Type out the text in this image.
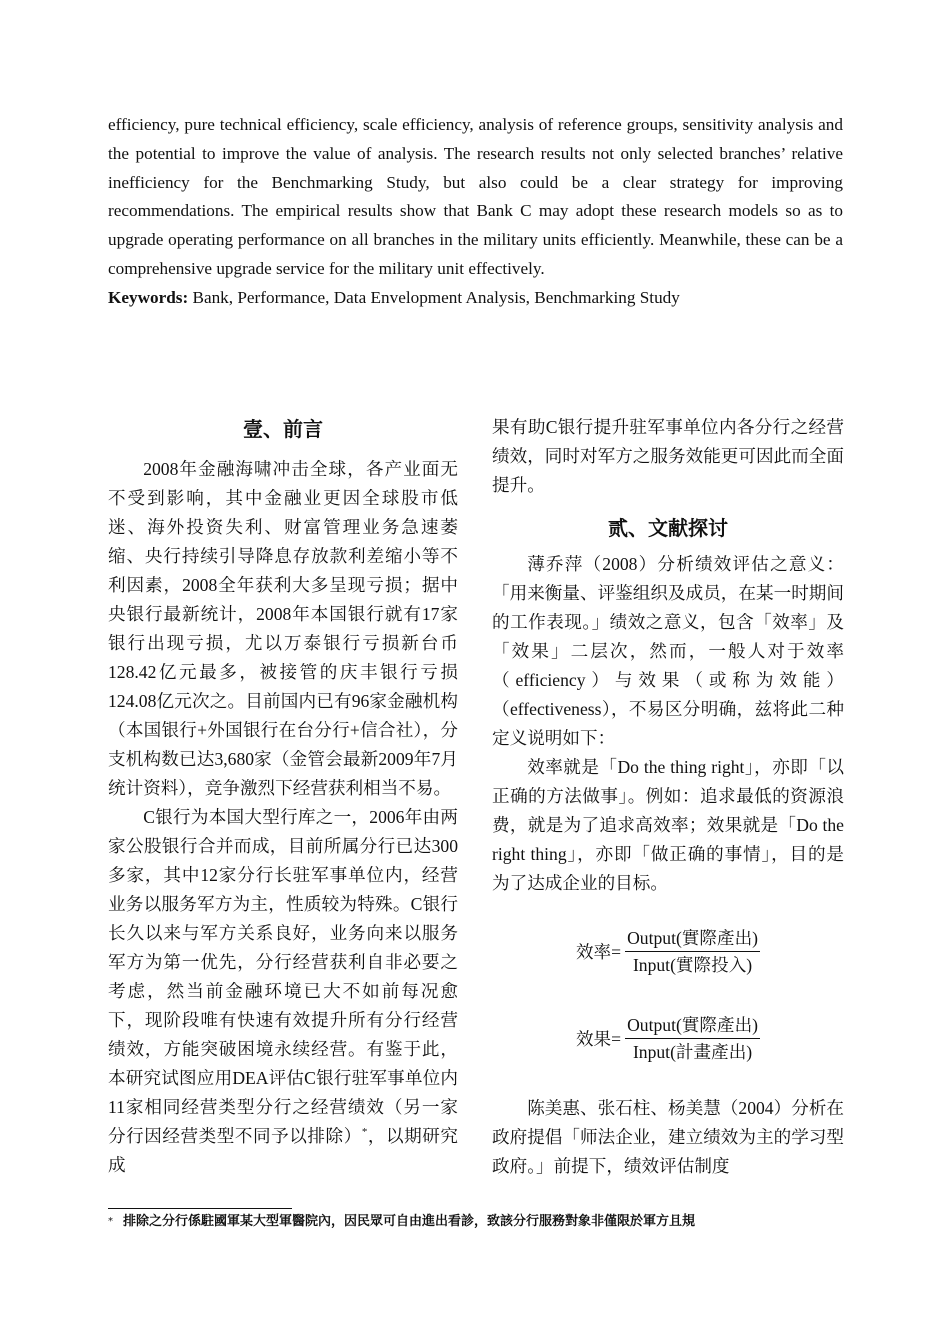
efficiency, pure technical efficiency, scale efficiency, analysis of reference groups, sensitivity analysis and the potential to improve the value of analysis. The research results not only selected branches’ relative inefficiency for the Benchmarking Study, but also could be a clear strategy for improving recommendations. The empirical results show that Bank C may adopt these research models so as to upgrade operating performance on all branches in the military units efficiently. Meanwhile, these can be a comprehensive upgrade service for the military unit effectively.

Keywords: Bank, Performance, Data Envelopment Analysis, Benchmarking Study

壹、前言

2008年金融海啸冲击全球，各产业面无不受到影响，其中金融业更因全球股市低迷、海外投资失利、财富管理业务急速萎缩、央行持续引导降息存放款利差缩小等不利因素，2008全年获利大多呈现亏损；据中央银行最新统计，2008年本国银行就有17家银行出现亏损，尤以万泰银行亏损新台币128.42亿元最多，被接管的庆丰银行亏损124.08亿元次之。目前国内已有96家金融机构（本国银行+外国银行在台分行+信合社），分支机构数已达3,680家（金管会最新2009年7月统计资料），竞争激烈下经营获利相当不易。

C银行为本国大型行库之一，2006年由两家公股银行合并而成，目前所属分行已达300多家，其中12家分行长驻军事单位内，经营业务以服务军方为主，性质较为特殊。C银行长久以来与军方关系良好，业务向来以服务军方为第一优先，分行经营获利自非必要之考虑，然当前金融环境已大不如前每况愈下，现阶段唯有快速有效提升所有分行经营绩效，方能突破困境永续经营。有鉴于此，本研究试图应用DEA评估C银行驻军事单位内11家相同经营类型分行之经营绩效（另一家分行因经营类型不同予以排除）*，以期研究成

果有助C银行提升驻军事单位内各分行之经营绩效，同时对军方之服务效能更可因此而全面提升。

贰、文献探讨

薄乔萍（2008）分析绩效评估之意义：「用来衡量、评鉴组织及成员，在某一时期间的工作表现。」绩效之意义，包含「效率」及「效果」二层次，然而，一般人对于效率（efficiency）与效果（或称为效能）（effectiveness），不易区分明确，兹将此二种定义说明如下：

效率就是「Do the thing right」，亦即「以正确的方法做事」。例如：追求最低的资源浪费，就是为了追求高效率；效果就是「Do the right thing」，亦即「做正确的事情」，目的是为了达成企业的目标。

效率= $\frac{\text{Output(實際產出)}}{\text{Input(實際投入)}}$
效果= $\frac{\text{Output(實際產出)}}{\text{Input(計畫產出)}}$

陈美惠、张石柱、杨美慧（2004）分析在政府提倡「师法企业，建立绩效为主的学习型政府。」前提下，绩效评估制度

* 排除之分行係駐國軍某大型軍醫院內，因民眾可自由進出看診，致該分行服務對象非僅限於軍方且規
